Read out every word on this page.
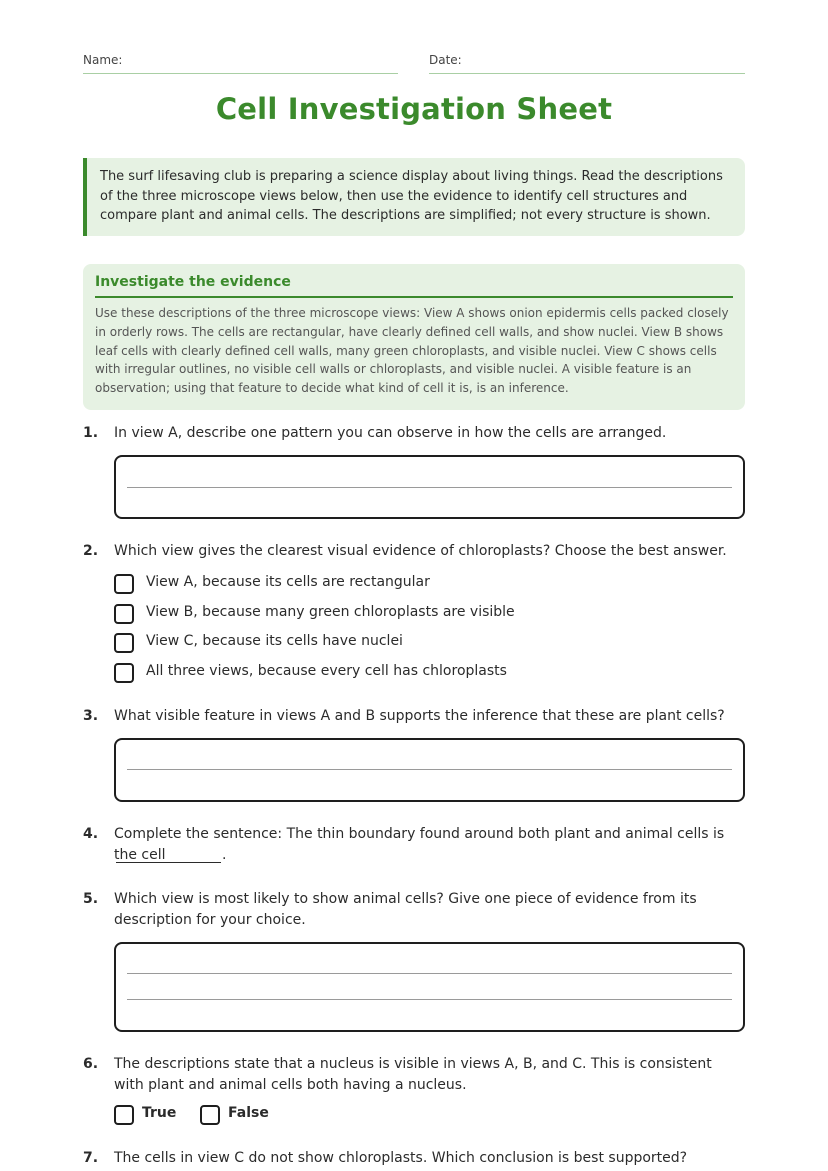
Name:	Date:
Cell Investigation Sheet
The surf lifesaving club is preparing a science display about living things. Read the descriptions of the three microscope views below, then use the evidence to identify cell structures and compare plant and animal cells. The descriptions are simplified; not every structure is shown.
Investigate the evidence
Use these descriptions of the three microscope views: View A shows onion epidermis cells packed closely in orderly rows. The cells are rectangular, have clearly defined cell walls, and show nuclei. View B shows leaf cells with clearly defined cell walls, many green chloroplasts, and visible nuclei. View C shows cells with irregular outlines, no visible cell walls or chloroplasts, and visible nuclei. A visible feature is an observation; using that feature to decide what kind of cell it is, is an inference.
1. In view A, describe one pattern you can observe in how the cells are arranged.
2. Which view gives the clearest visual evidence of chloroplasts? Choose the best answer.
View A, because its cells are rectangular
View B, because many green chloroplasts are visible
View C, because its cells have nuclei
All three views, because every cell has chloroplasts
3. What visible feature in views A and B supports the inference that these are plant cells?
4. Complete the sentence: The thin boundary found around both plant and animal cells is the cell	.
5. Which view is most likely to show animal cells? Give one piece of evidence from its description for your choice.
6. The descriptions state that a nucleus is visible in views A, B, and C. This is consistent with plant and animal cells both having a nucleus.
True	False
7. The cells in view C do not show chloroplasts. Which conclusion is best supported?
